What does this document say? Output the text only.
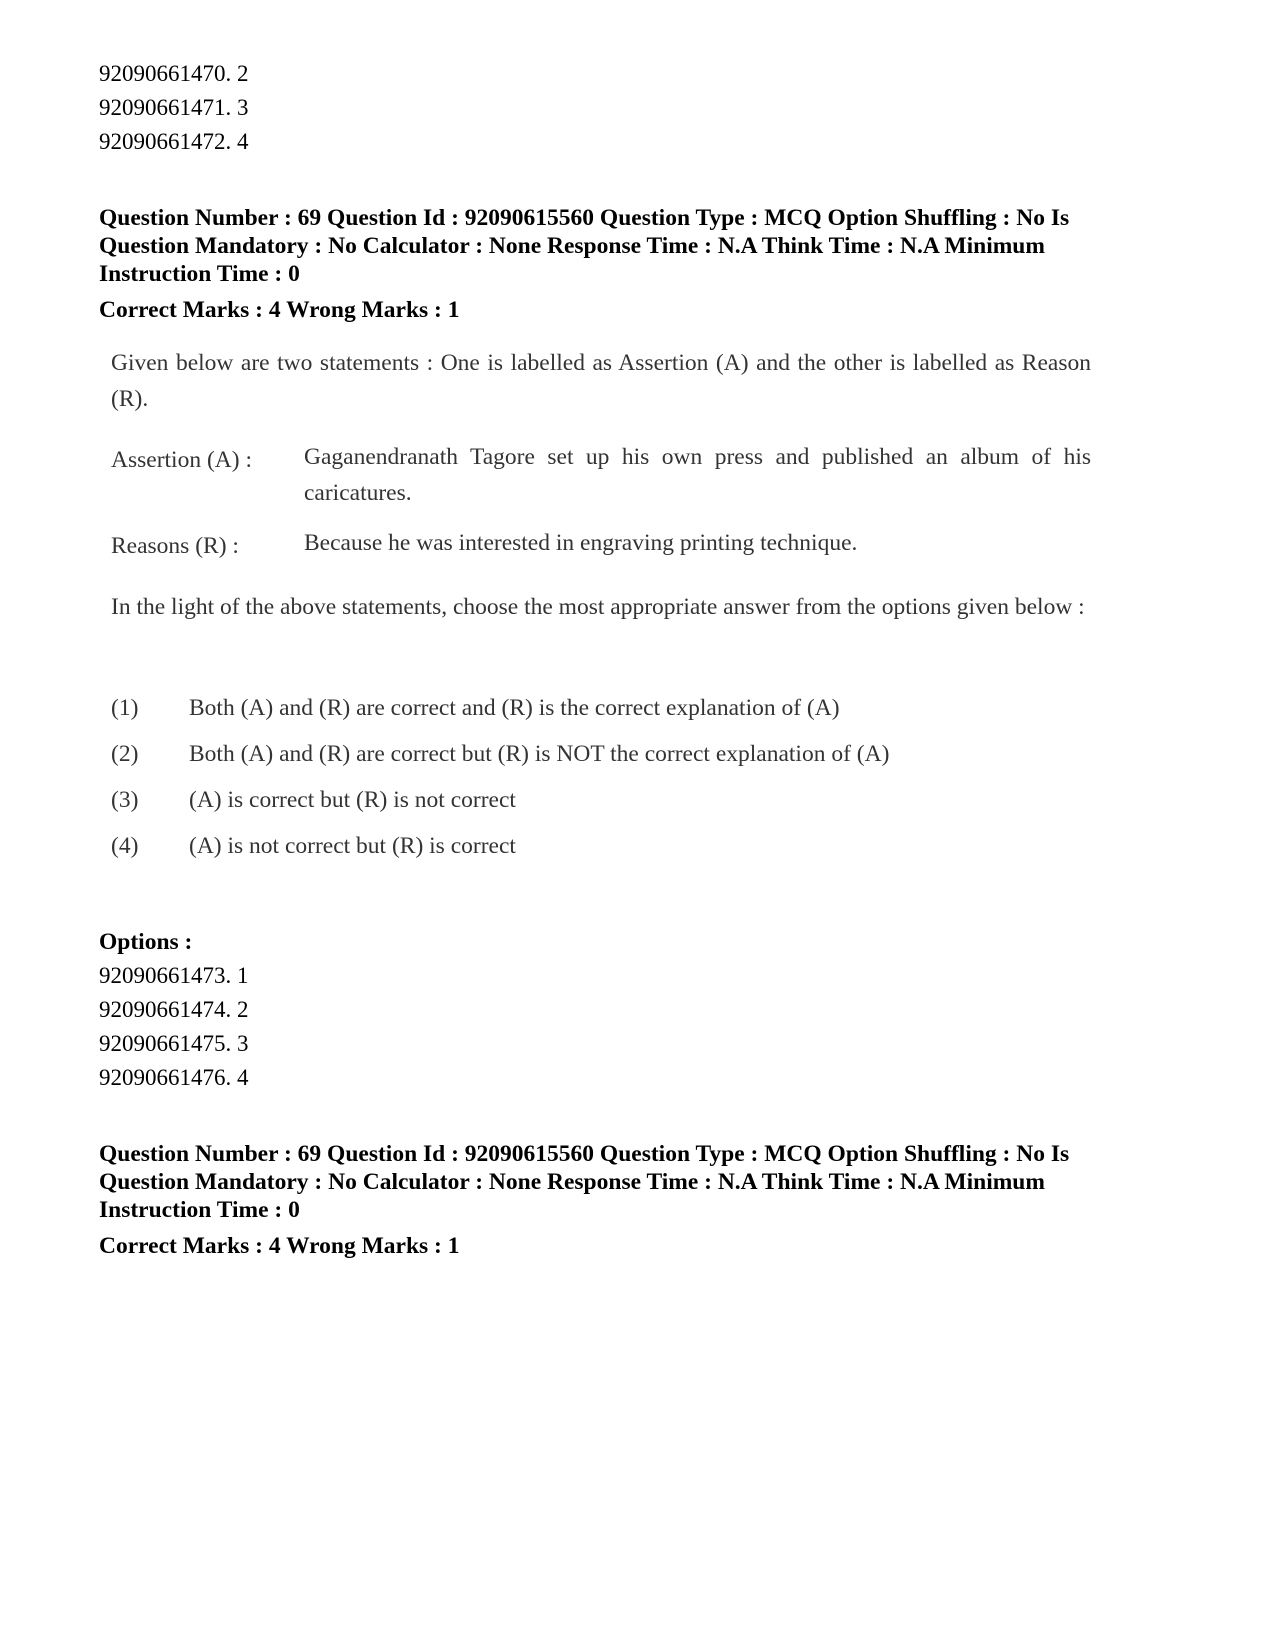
92090661470. 2
92090661471. 3
92090661472. 4
Question Number : 69 Question Id : 92090615560 Question Type : MCQ Option Shuffling : No Is
Question Mandatory : No Calculator : None Response Time : N.A Think Time : N.A Minimum
Instruction Time : 0
Correct Marks : 4 Wrong Marks : 1
Given below are two statements : One is labelled as Assertion (A) and the other is labelled as Reason (R).
Assertion (A) : Gaganendranath Tagore set up his own press and published an album of his caricatures.
Reasons (R) :	Because he was interested in engraving printing technique.
In the light of the above statements, choose the most appropriate answer from the options given below :
(1) Both (A) and (R) are correct and (R) is the correct explanation of (A)
(2) Both (A) and (R) are correct but (R) is NOT the correct explanation of (A)
(3) (A) is correct but (R) is not correct
(4) (A) is not correct but (R) is correct
Options :
92090661473. 1
92090661474. 2
92090661475. 3
92090661476. 4
Question Number : 69 Question Id : 92090615560 Question Type : MCQ Option Shuffling : No Is
Question Mandatory : No Calculator : None Response Time : N.A Think Time : N.A Minimum
Instruction Time : 0
Correct Marks : 4 Wrong Marks : 1
